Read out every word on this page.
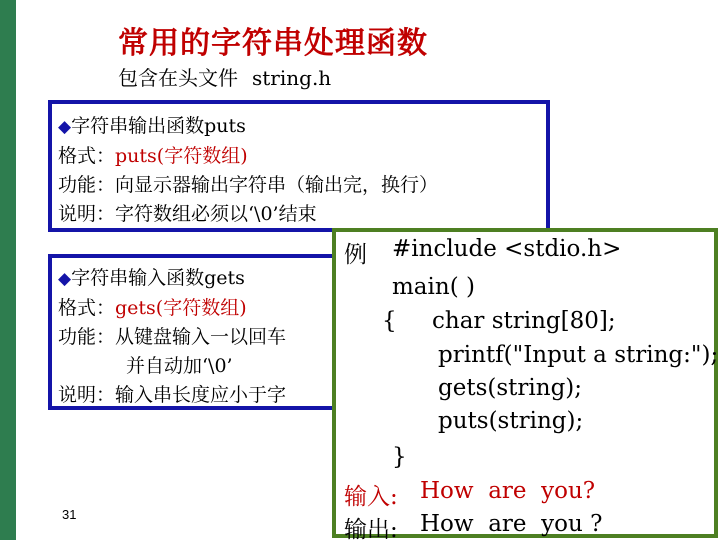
常用的字符串处理函数
包含在头文件 string.h
◆字符串输出函数puts
格式：puts(字符数组)
功能：向显示器输出字符串（输出完，换行）
说明：字符数组必须以‘\0’结束
◆字符串输入函数gets
格式：gets(字符数组)
功能：从键盘输入一以回车
并自动加‘\0’
说明：输入串长度应小于字
例 #include <stdio.h>
main( )
{ char string[80];
printf("Input a string:");
gets(string);
puts(string);
}
输入: How  are  you?
输出: How  are  you ?
31
